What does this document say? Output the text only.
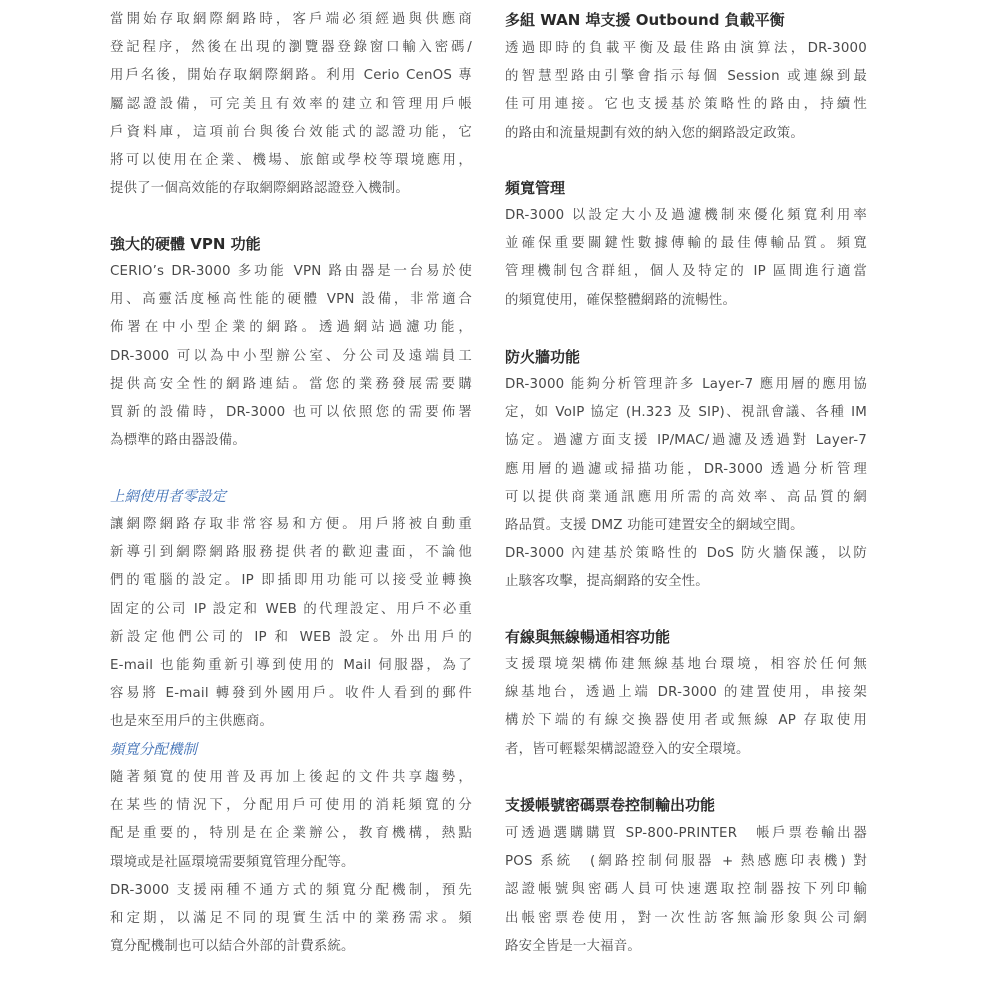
當開始存取網際網路時，客戶端必須經過與供應商
登記程序，然後在出現的瀏覽器登錄窗口輸入密碼/
用戶名後，開始存取網際網路。利用 Cerio CenOS 專
屬認證設備，可完美且有效率的建立和管理用戶帳
戶資料庫，這項前台與後台效能式的認證功能，它
將可以使用在企業、機場、旅館或學校等環境應用，
提供了一個高效能的存取網際網路認證登入機制。
強大的硬體 VPN 功能
CERIO’s DR-3000 多功能 VPN 路由器是一台易於使
用、高靈活度極高性能的硬體 VPN 設備，非常適合
佈署在中小型企業的網路。透過網站過濾功能，
DR-3000 可以為中小型辦公室、分公司及遠端員工
提供高安全性的網路連結。當您的業務發展需要購
買新的設備時，DR-3000 也可以依照您的需要佈署
為標準的路由器設備。
上網使用者零設定
讓網際網路存取非常容易和方便。用戶將被自動重
新導引到網際網路服務提供者的歡迎畫面，不論他
們的電腦的設定。IP 即插即用功能可以接受並轉換
固定的公司 IP 設定和 WEB 的代理設定、用戶不必重
新設定他們公司的 IP 和 WEB 設定。外出用戶的
E-mail 也能夠重新引導到使用的 Mail 伺服器，為了
容易將 E-mail 轉發到外國用戶。收件人看到的郵件
也是來至用戶的主供應商。
頻寬分配機制
隨著頻寬的使用普及再加上後起的文件共享趨勢，
在某些的情況下，分配用戶可使用的消耗頻寬的分
配是重要的，特別是在企業辦公，教育機構，熱點
環境或是社區環境需要頻寬管理分配等。
DR-3000 支援兩種不通方式的頻寬分配機制，預先
和定期，以滿足不同的現實生活中的業務需求。頻
寬分配機制也可以結合外部的計費系統。
多組 WAN 埠支援 Outbound 負載平衡
透過即時的負載平衡及最佳路由演算法，DR-3000
的智慧型路由引擎會指示每個 Session 或連線到最
佳可用連接。它也支援基於策略性的路由，持續性
的路由和流量規劃有效的納入您的網路設定政策。
頻寬管理
DR-3000 以設定大小及過濾機制來優化頻寬利用率
並確保重要關鍵性數據傳輸的最佳傳輸品質。頻寬
管理機制包含群組，個人及特定的 IP 區間進行適當
的頻寬使用，確保整體網路的流暢性。
防火牆功能
DR-3000 能夠分析管理許多 Layer-7 應用層的應用協
定，如 VoIP 協定 (H.323 及 SIP)、視訊會議、各種 IM
協定。過濾方面支援 IP/MAC/過濾及透過對 Layer-7
應用層的過濾或掃描功能，DR-3000 透過分析管理
可以提供商業通訊應用所需的高效率、高品質的網
路品質。支援 DMZ 功能可建置安全的網域空間。
DR-3000 內建基於策略性的 DoS 防火牆保護，以防
止駭客攻擊，提高網路的安全性。
有線與無線暢通相容功能
支援環境架構佈建無線基地台環境，相容於任何無
線基地台，透過上端 DR-3000 的建置使用，串接架
構於下端的有線交換器使用者或無線 AP 存取使用
者，皆可輕鬆架構認證登入的安全環境。
支援帳號密碼票卷控制輸出功能
可透過選購購買 SP-800-PRINTER　帳戶票卷輸出器
POS 系統　(網路控制伺服器 + 熱感應印表機) 對
認證帳號與密碼人員可快速選取控制器按下列印輸
出帳密票卷使用，對一次性訪客無論形象與公司網
路安全皆是一大福音。
